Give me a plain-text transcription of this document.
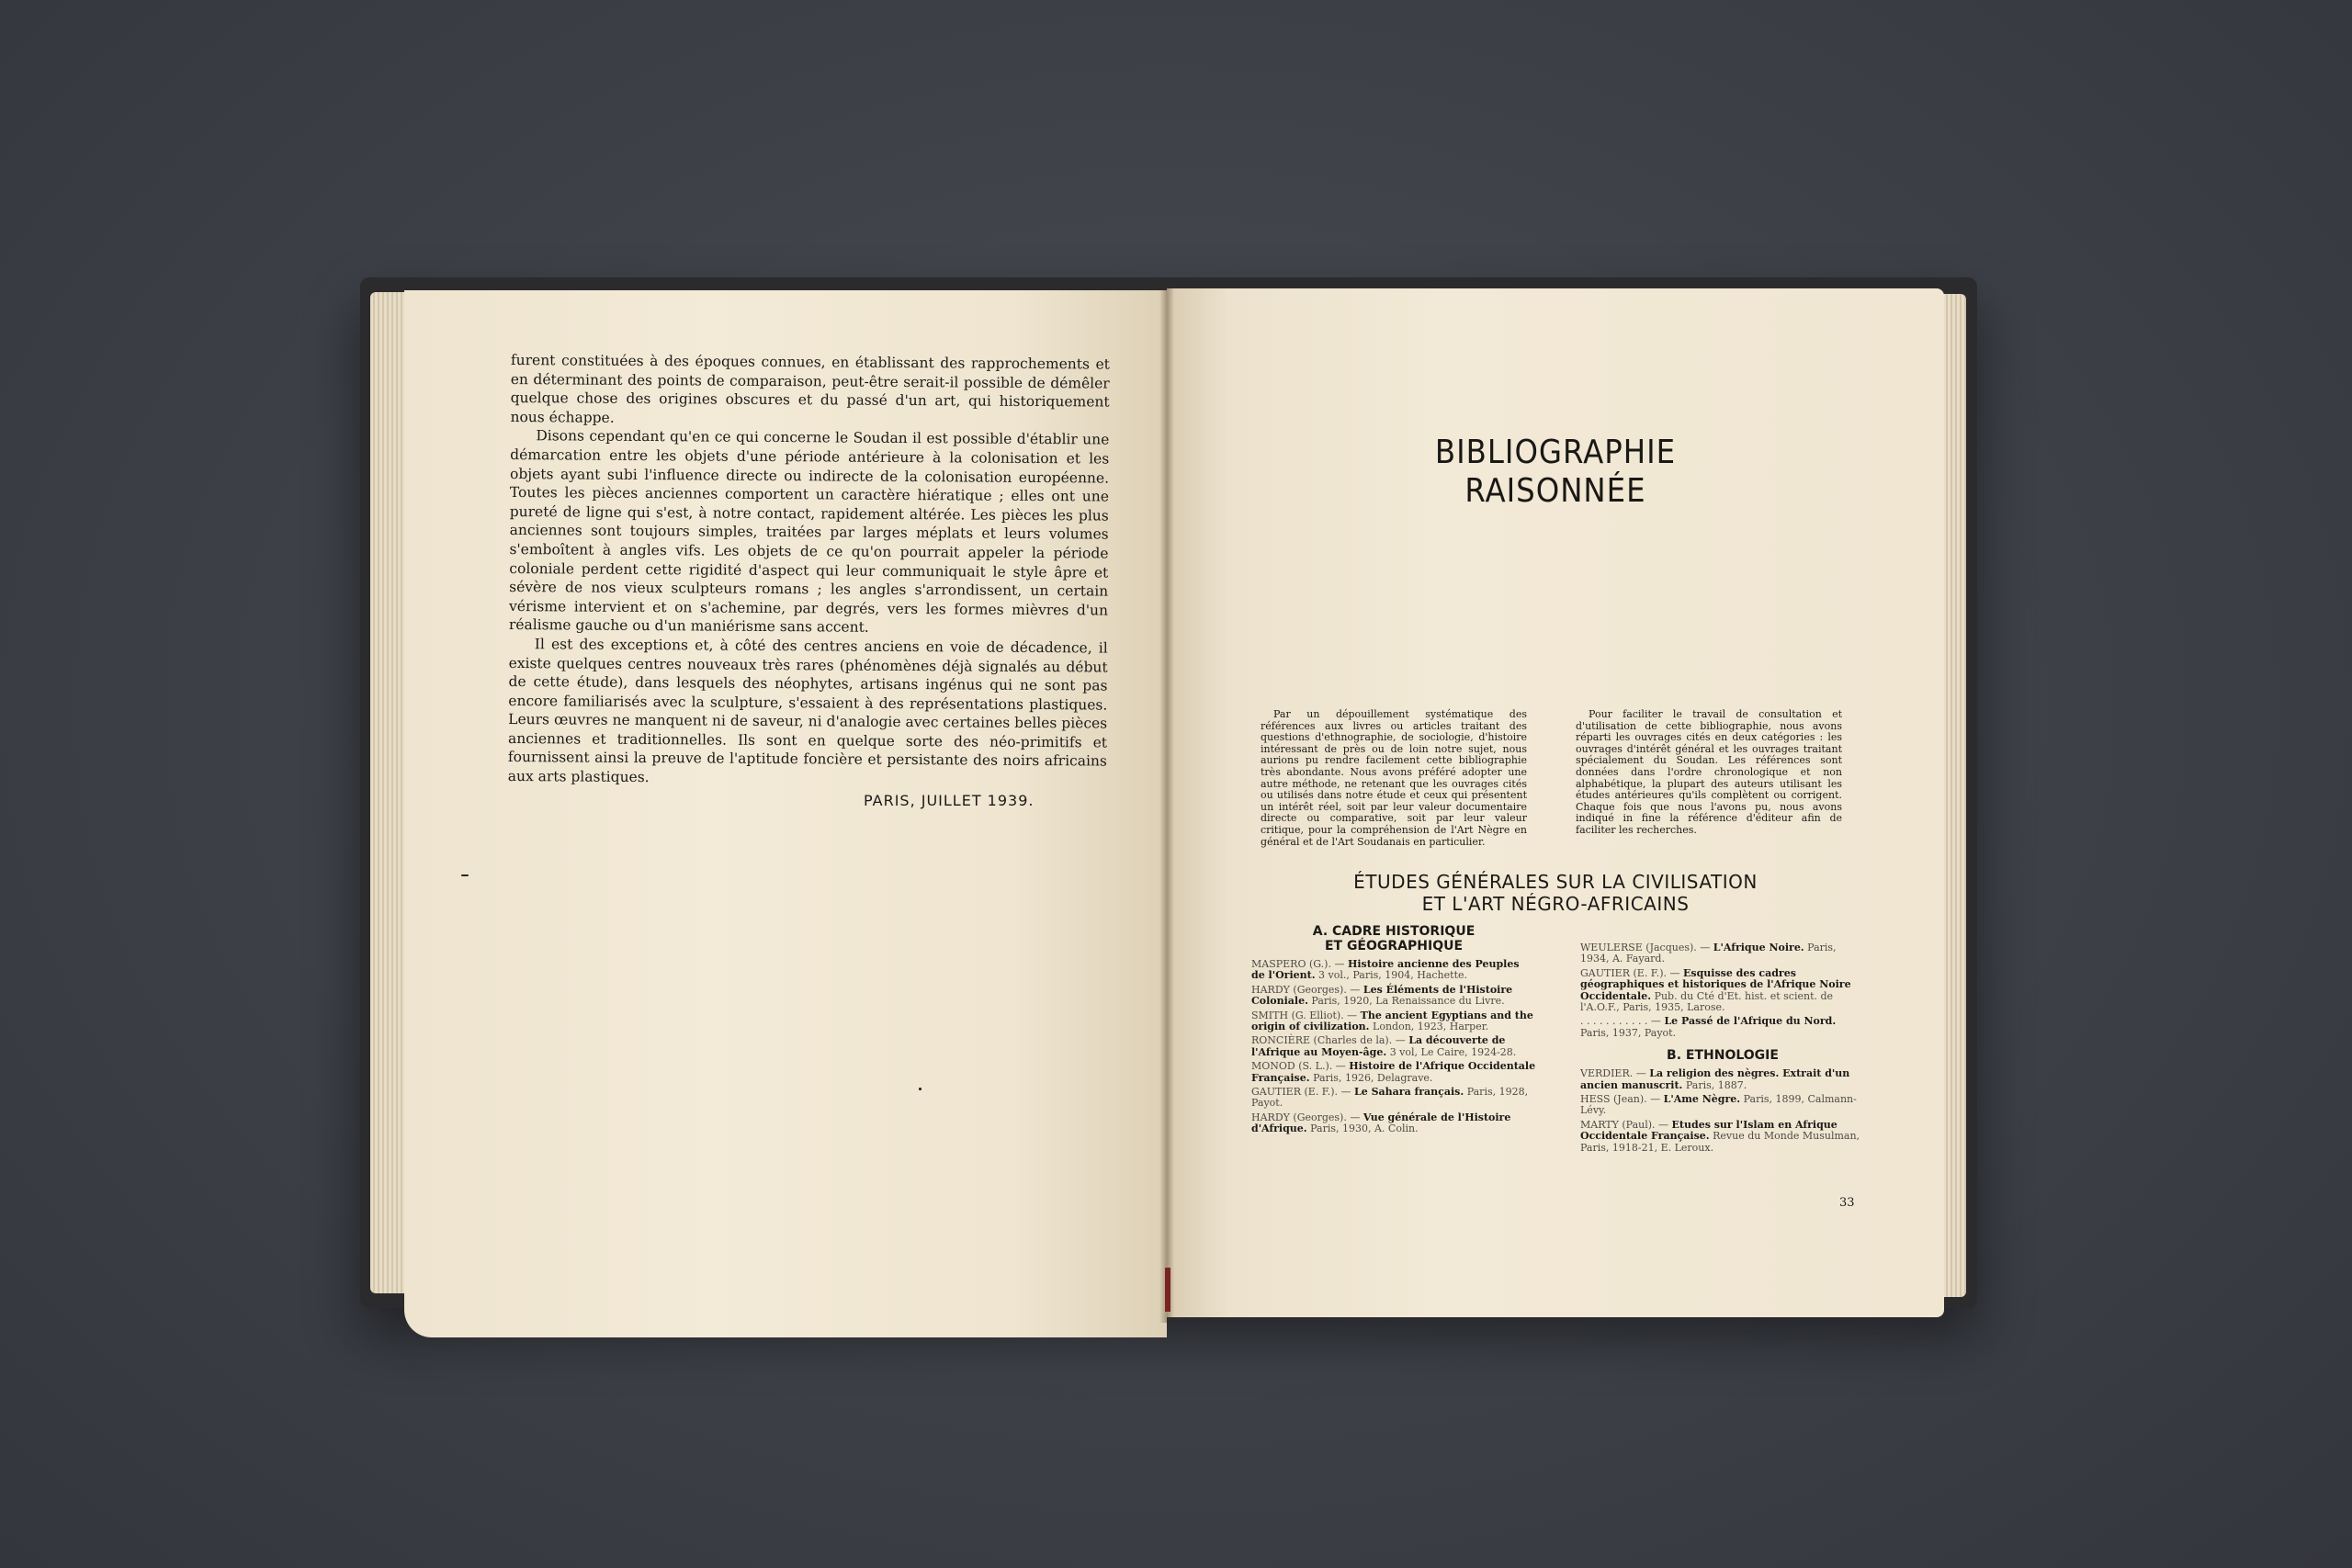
furent constituées à des époques connues, en établissant des rapprochements et en déterminant des points de comparaison, peut-être serait-il possible de démêler quelque chose des origines obscures et du passé d'un art, qui historiquement nous échappe.

Disons cependant qu'en ce qui concerne le Soudan il est possible d'établir une démarcation entre les objets d'une période antérieure à la colonisation et les objets ayant subi l'influence directe ou indirecte de la colonisation européenne. Toutes les pièces anciennes comportent un caractère hiératique ; elles ont une pureté de ligne qui s'est, à notre contact, rapidement altérée. Les pièces les plus anciennes sont toujours simples, traitées par larges méplats et leurs volumes s'emboîtent à angles vifs. Les objets de ce qu'on pourrait appeler la période coloniale perdent cette rigidité d'aspect qui leur communiquait le style âpre et sévère de nos vieux sculpteurs romans ; les angles s'arrondissent, un certain vérisme intervient et on s'achemine, par degrés, vers les formes mièvres d'un réalisme gauche ou d'un maniérisme sans accent.

Il est des exceptions et, à côté des centres anciens en voie de décadence, il existe quelques centres nouveaux très rares (phénomènes déjà signalés au début de cette étude), dans lesquels des néophytes, artisans ingénus qui ne sont pas encore familiarisés avec la sculpture, s'essaient à des représentations plastiques. Leurs œuvres ne manquent ni de saveur, ni d'analogie avec certaines belles pièces anciennes et traditionnelles. Ils sont en quelque sorte des néo-primitifs et fournissent ainsi la preuve de l'aptitude foncière et persistante des noirs africains aux arts plastiques.

PARIS, JUILLET 1939.
BIBLIOGRAPHIE
RAISONNÉE

Par un dépouillement systématique des références aux livres ou articles traitant des questions d'ethnographie, de sociologie, d'histoire intéressant de près ou de loin notre sujet, nous aurions pu rendre facilement cette bibliographie très abondante. Nous avons préféré adopter une autre méthode, ne retenant que les ouvrages cités ou utilisés dans notre étude et ceux qui présentent un intérêt réel, soit par leur valeur documentaire directe ou comparative, soit par leur valeur critique, pour la compréhension de l'Art Nègre en général et de l'Art Soudanais en particulier.

Pour faciliter le travail de consultation et d'utilisation de cette bibliographie, nous avons réparti les ouvrages cités en deux catégories : les ouvrages d'intérêt général et les ouvrages traitant spécialement du Soudan. Les références sont données dans l'ordre chronologique et non alphabétique, la plupart des auteurs utilisant les études antérieures qu'ils complètent ou corrigent. Chaque fois que nous l'avons pu, nous avons indiqué in fine la référence d'éditeur afin de faciliter les recherches.

ÉTUDES GÉNÉRALES SUR LA CIVILISATION
ET L'ART NÉGRO-AFRICAINS
A. CADRE HISTORIQUE
ET GÉOGRAPHIQUE
MASPERO (G.). — Histoire ancienne des Peuples de l'Orient. 3 vol., Paris, 1904, Hachette.
HARDY (Georges). — Les Éléments de l'Histoire Coloniale. Paris, 1920, La Renaissance du Livre.
SMITH (G. Elliot). — The ancient Egyptians and the origin of civilization. London, 1923, Harper.
RONCIÈRE (Charles de la). — La découverte de l'Afrique au Moyen-âge. 3 vol, Le Caire, 1924-28.
MONOD (S. L.). — Histoire de l'Afrique Occidentale Française. Paris, 1926, Delagrave.
GAUTIER (E. F.). — Le Sahara français. Paris, 1928, Payot.
HARDY (Georges). — Vue générale de l'Histoire d'Afrique. Paris, 1930, A. Colin.
WEULERSE (Jacques). — L'Afrique Noire. Paris, 1934, A. Fayard.
GAUTIER (E. F.). — Esquisse des cadres géographiques et historiques de l'Afrique Noire Occidentale. Pub. du Cté d'Et. hist. et scient. de l'A.O.F., Paris, 1935, Larose.
. . . . . . . . . . . — Le Passé de l'Afrique du Nord. Paris, 1937, Payot.
B. ETHNOLOGIE
VERDIER. — La religion des nègres. Extrait d'un ancien manuscrit. Paris, 1887.
HESS (Jean). — L'Ame Nègre. Paris, 1899, Calmann-Lévy.
MARTY (Paul). — Etudes sur l'Islam en Afrique Occidentale Française. Revue du Monde Musulman, Paris, 1918-21, E. Leroux.
33
